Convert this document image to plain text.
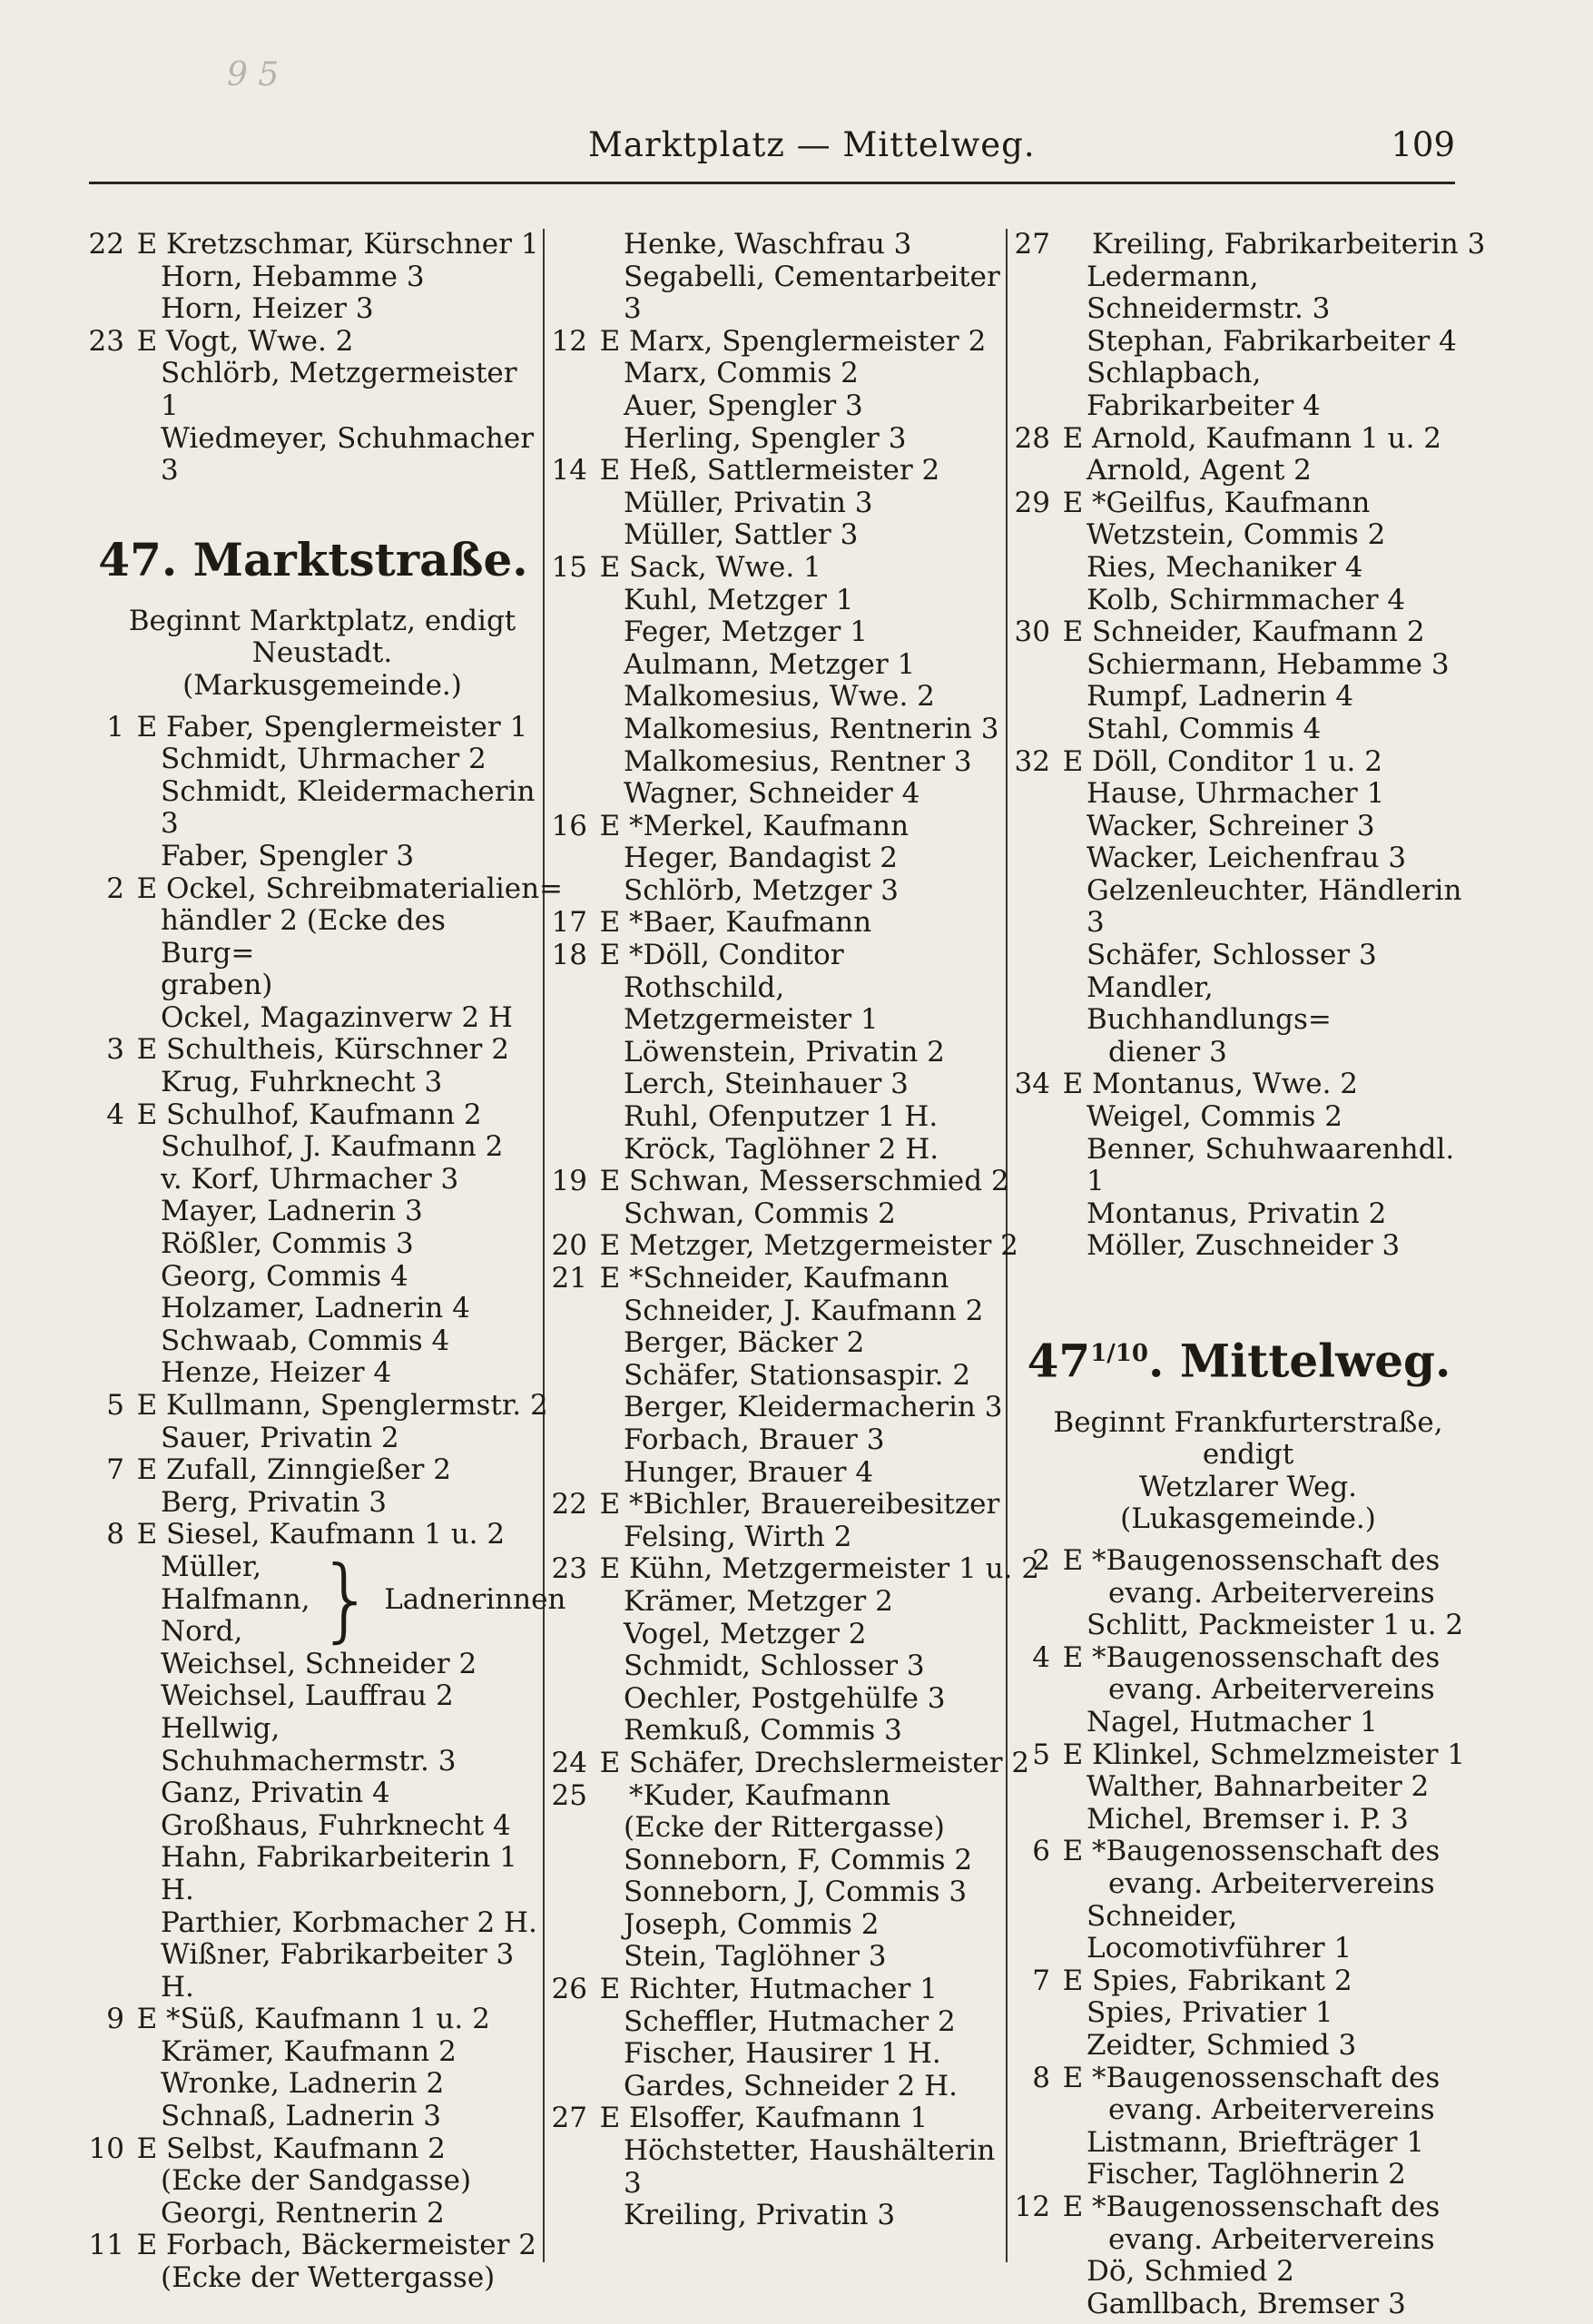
9 5
Marktplatz — Mittelweg.	109
22 E Kretzschmar, Kürschner 1
Horn, Hebamme 3
Horn, Heizer 3
23 E Vogt, Wwe. 2
Schlörb, Metzgermeister 1
Wiedmeyer, Schuhmacher 3
47. Marktstraße.
Beginnt Marktplatz, endigt
Neustadt.
(Markusgemeinde.)
1 E Faber, Spenglermeister 1
Schmidt, Uhrmacher 2
Schmidt, Kleidermacherin 3
Faber, Spengler 3
2 E Ockel, Schreibmaterialien=
händler 2 (Ecke des Burg=
graben)
Ockel, Magazinverw 2 H
3 E Schultheis, Kürschner 2
Krug, Fuhrknecht 3
4 E Schulhof, Kaufmann 2
Schulhof, J. Kaufmann 2
v. Korf, Uhrmacher 3
Mayer, Ladnerin 3
Rößler, Commis 3
Georg, Commis 4
Holzamer, Ladnerin 4
Schwaab, Commis 4
Henze, Heizer 4
5 E Kullmann, Spenglermstr. 2
Sauer, Privatin 2
7 E Zufall, Zinngießer 2
Berg, Privatin 3
8 E Siesel, Kaufmann 1 u. 2
Müller,
Halfmann,
Nord, } Ladnerinnen
Weichsel, Schneider 2
Weichsel, Lauffrau 2
Hellwig, Schuhmachermstr. 3
Ganz, Privatin 4
Großhaus, Fuhrknecht 4
Hahn, Fabrikarbeiterin 1 H.
Parthier, Korbmacher 2 H.
Wißner, Fabrikarbeiter 3 H.
9 E *Süß, Kaufmann 1 u. 2
Krämer, Kaufmann 2
Wronke, Ladnerin 2
Schnaß, Ladnerin 3
10 E Selbst, Kaufmann 2
(Ecke der Sandgasse)
Georgi, Rentnerin 2
11 E Forbach, Bäckermeister 2
(Ecke der Wettergasse)
Henke, Waschfrau 3
Segabelli, Cementarbeiter 3
12 E Marx, Spenglermeister 2
Marx, Commis 2
Auer, Spengler 3
Herling, Spengler 3
14 E Heß, Sattlermeister 2
Müller, Privatin 3
Müller, Sattler 3
15 E Sack, Wwe. 1
Kuhl, Metzger 1
Feger, Metzger 1
Aulmann, Metzger 1
Malkomesius, Wwe. 2
Malkomesius, Rentnerin 3
Malkomesius, Rentner 3
Wagner, Schneider 4
16 E *Merkel, Kaufmann
Heger, Bandagist 2
Schlörb, Metzger 3
17 E *Baer, Kaufmann
18 E *Döll, Conditor
Rothschild, Metzgermeister 1
Löwenstein, Privatin 2
Lerch, Steinhauer 3
Ruhl, Ofenputzer 1 H.
Kröck, Taglöhner 2 H.
19 E Schwan, Messerschmied 2
Schwan, Commis 2
20 E Metzger, Metzgermeister 2
21 E *Schneider, Kaufmann
Schneider, J. Kaufmann 2
Berger, Bäcker 2
Schäfer, Stationsaspir. 2
Berger, Kleidermacherin 3
Forbach, Brauer 3
Hunger, Brauer 4
22 E *Bichler, Brauereibesitzer
Felsing, Wirth 2
23 E Kühn, Metzgermeister 1 u. 2
Krämer, Metzger 2
Vogel, Metzger 2
Schmidt, Schlosser 3
Oechler, Postgehülfe 3
Remkuß, Commis 3
24 E Schäfer, Drechslermeister 2
25 *Kuder, Kaufmann
(Ecke der Rittergasse)
Sonneborn, F, Commis 2
Sonneborn, J, Commis 3
Joseph, Commis 2
Stein, Taglöhner 3
26 E Richter, Hutmacher 1
Scheffler, Hutmacher 2
Fischer, Hausirer 1 H.
Gardes, Schneider 2 H.
27 E Elsoffer, Kaufmann 1
Höchstetter, Haushälterin 3
Kreiling, Privatin 3
27 Kreiling, Fabrikarbeiterin 3
Ledermann, Schneidermstr. 3
Stephan, Fabrikarbeiter 4
Schlapbach, Fabrikarbeiter 4
28 E Arnold, Kaufmann 1 u. 2
Arnold, Agent 2
29 E *Geilfus, Kaufmann
Wetzstein, Commis 2
Ries, Mechaniker 4
Kolb, Schirmmacher 4
30 E Schneider, Kaufmann 2
Schiermann, Hebamme 3
Rumpf, Ladnerin 4
Stahl, Commis 4
32 E Döll, Conditor 1 u. 2
Hause, Uhrmacher 1
Wacker, Schreiner 3
Wacker, Leichenfrau 3
Gelzenleuchter, Händlerin 3
Schäfer, Schlosser 3
Mandler, Buchhandlungs=
diener 3
34 E Montanus, Wwe. 2
Weigel, Commis 2
Benner, Schuhwaarenhdl. 1
Montanus, Privatin 2
Möller, Zuschneider 3
$47^{1/10}$. Mittelweg.
Beginnt Frankfurterstraße, endigt
Wetzlarer Weg.
(Lukasgemeinde.)
2 E *Baugenossenschaft des
evang. Arbeitervereins
Schlitt, Packmeister 1 u. 2
4 E *Baugenossenschaft des
evang. Arbeitervereins
Nagel, Hutmacher 1
5 E Klinkel, Schmelzmeister 1
Walther, Bahnarbeiter 2
Michel, Bremser i. P. 3
6 E *Baugenossenschaft des
evang. Arbeitervereins
Schneider, Locomotivführer 1
7 E Spies, Fabrikant 2
Spies, Privatier 1
Zeidter, Schmied 3
8 E *Baugenossenschaft des
evang. Arbeitervereins
Listmann, Briefträger 1
Fischer, Taglöhnerin 2
12 E *Baugenossenschaft des
evang. Arbeitervereins
Dö, Schmied 2
Gamllbach, Bremser 3
